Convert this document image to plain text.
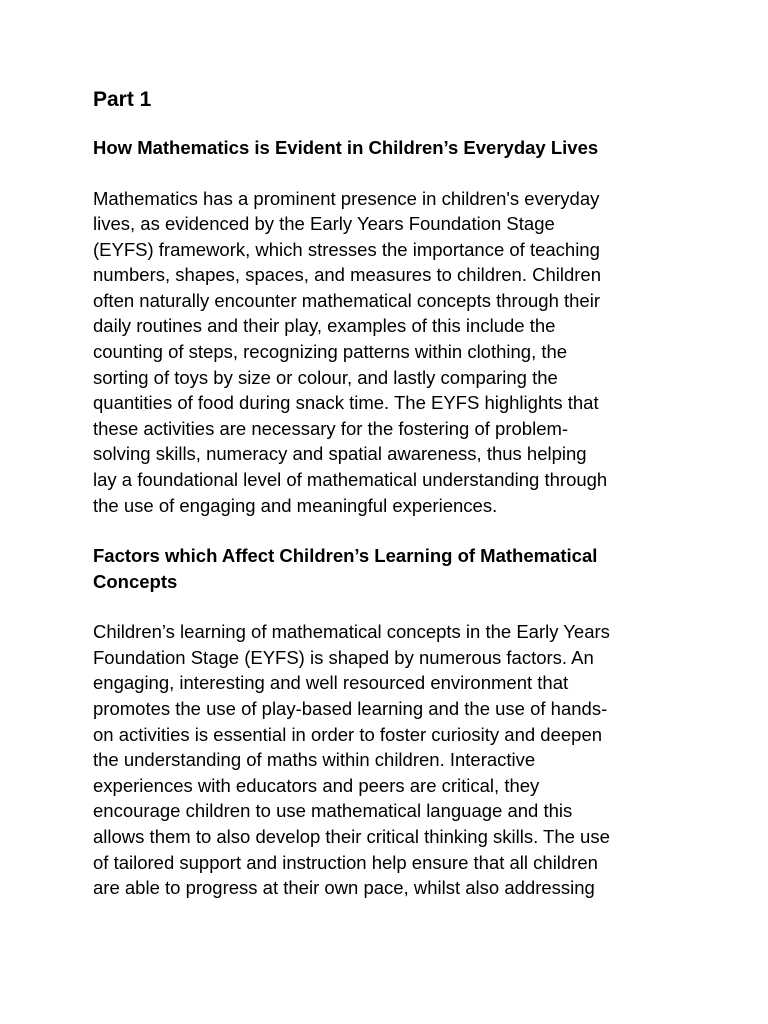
Part 1
How Mathematics is Evident in Children’s Everyday Lives
Mathematics has a prominent presence in children's everyday
lives, as evidenced by the Early Years Foundation Stage
(EYFS) framework, which stresses the importance of teaching
numbers, shapes, spaces, and measures to children. Children
often naturally encounter mathematical concepts through their
daily routines and their play, examples of this include the
counting of steps, recognizing patterns within clothing, the
sorting of toys by size or colour, and lastly comparing the
quantities of food during snack time. The EYFS highlights that
these activities are necessary for the fostering of problem-
solving skills, numeracy and spatial awareness, thus helping
lay a foundational level of mathematical understanding through
the use of engaging and meaningful experiences.
Factors which Affect Children’s Learning of Mathematical
Concepts
Children’s learning of mathematical concepts in the Early Years
Foundation Stage (EYFS) is shaped by numerous factors. An
engaging, interesting and well resourced environment that
promotes the use of play-based learning and the use of hands-
on activities is essential in order to foster curiosity and deepen
the understanding of maths within children. Interactive
experiences with educators and peers are critical, they
encourage children to use mathematical language and this
allows them to also develop their critical thinking skills. The use
of tailored support and instruction help ensure that all children
are able to progress at their own pace, whilst also addressing
